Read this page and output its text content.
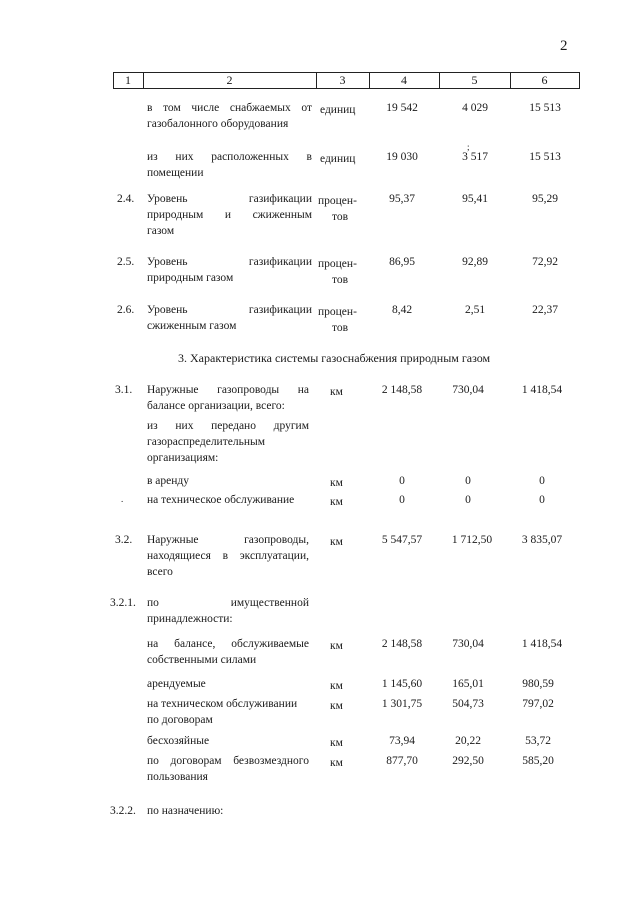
2
1	2	3	4	5	6
в том числе снабжаемых от
газобалонного оборудования
единиц	19 542	4 029	15 513
;
из них расположенных в
помещении
единиц	19 030	3 517	15 513
2.4. Уровень газификации
природным и сжиженным
газом
процен-
тов
95,37	95,41	95,29
2.5. Уровень газификации
природным газом
процен-
тов
86,95	92,89	72,92
2.6. Уровень газификации
сжиженным газом
процен-
тов
8,42	2,51	22,37
3. Характеристика системы газоснабжения природным газом
3.1. Наружные газопроводы на
балансе организации, всего:
км	2 148,58	730,04	1 418,54
из них передано другим
газораспределительным
организациям:
в аренду	км	0	0	0
. на техническое обслуживание	км	0	0	0
3.2. Наружные газопроводы,
находящиеся в эксплуатации,
всего
км	5 547,57	1 712,50	3 835,07
3.2.1. по имущественной
принадлежности:
на балансе, обслуживаемые
собственными силами
км	2 148,58	730,04	1 418,54
арендуемые	км	1 145,60	165,01	980,59
на техническом обслуживании
по договорам
км	1 301,75	504,73	797,02
бесхозяйные	км	73,94	20,22	53,72
по договорам безвозмездного
пользования
км	877,70	292,50	585,20
3.2.2. по назначению:
